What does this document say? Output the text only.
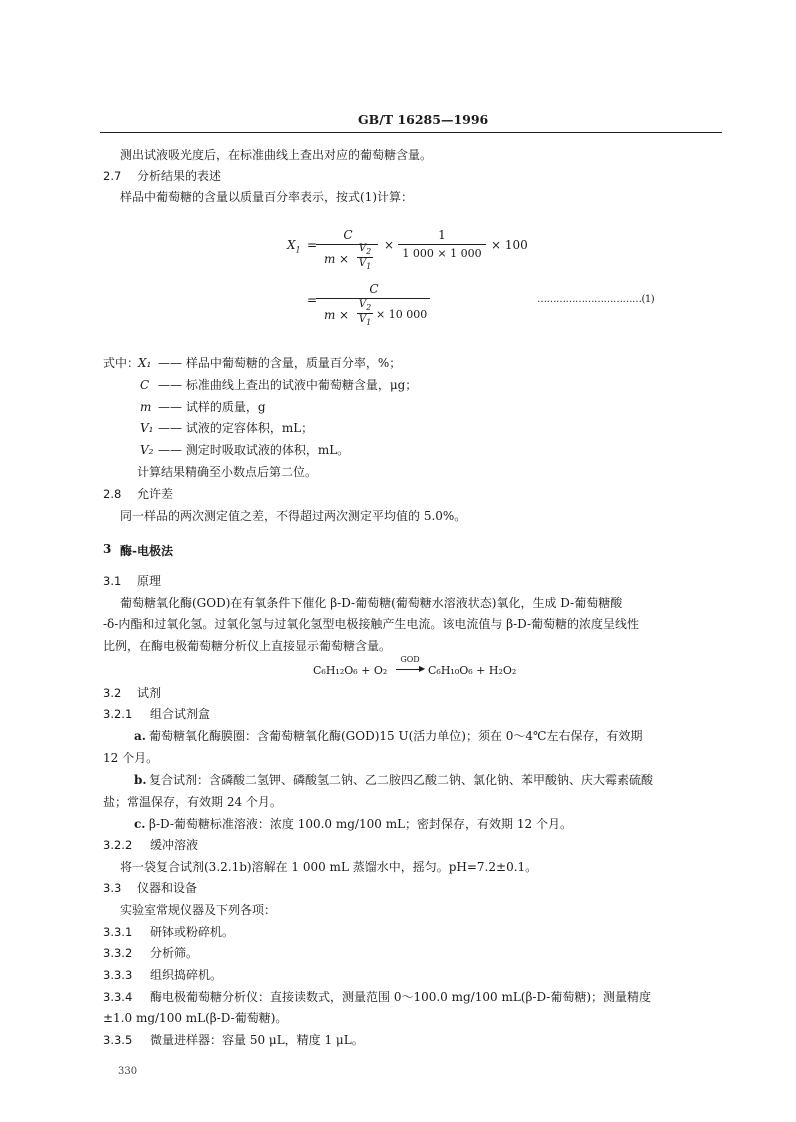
GB/T 16285—1996
测出试液吸光度后，在标准曲线上查出对应的葡萄糖含量。
2.7 分析结果的表述
样品中葡萄糖的含量以质量百分率表示，按式(1)计算：
$X_1$ =
C
m ×
$V_2$
$V_1$
×
1
1 000 × 1 000
× 100
=
C
m ×
$V_2$
$V_1$
× 10 000
……………………………(1)
式中：
X₁ —— 样品中葡萄糖的含量，质量百分率，%；
C —— 标准曲线上查出的试液中葡萄糖含量，μg；
m —— 试样的质量，g
V₁ —— 试液的定容体积，mL；
V₂ —— 测定时吸取试液的体积，mL。
计算结果精确至小数点后第二位。
2.8 允许差
同一样品的两次测定值之差，不得超过两次测定平均值的 5.0%。
3 酶-电极法
3.1 原理
葡萄糖氧化酶(GOD)在有氧条件下催化 β-D-葡萄糖(葡萄糖水溶液状态)氧化，生成 D-葡萄糖酸
-δ-内酯和过氧化氢。过氧化氢与过氧化氢型电极接触产生电流。该电流值与 β-D-葡萄糖的浓度呈线性
比例，在酶电极葡萄糖分析仪上直接显示葡萄糖含量。
C₆H₁₂O₆ + O₂
GOD
▶ C₆H₁₀O₆ + H₂O₂
3.2 试剂
3.2.1 组合试剂盒
a. 葡萄糖氧化酶膜圈：含葡萄糖氧化酶(GOD)15 U(活力单位)；须在 0～4℃左右保存，有效期
12 个月。
b. 复合试剂：含磷酸二氢钾、磷酸氢二钠、乙二胺四乙酸二钠、氯化钠、苯甲酸钠、庆大霉素硫酸
盐；常温保存，有效期 24 个月。
c. β-D-葡萄糖标准溶液：浓度 100.0 mg/100 mL；密封保存，有效期 12 个月。
3.2.2 缓冲溶液
将一袋复合试剂(3.2.1b)溶解在 1 000 mL 蒸馏水中，摇匀。pH=7.2±0.1。
3.3 仪器和设备
实验室常规仪器及下列各项：
3.3.1 研钵或粉碎机。
3.3.2 分析筛。
3.3.3 组织捣碎机。
3.3.4 酶电极葡萄糖分析仪：直接读数式，测量范围 0～100.0 mg/100 mL(β-D-葡萄糖)；测量精度
±1.0 mg/100 mL(β-D-葡萄糖)。
3.3.5 微量进样器：容量 50 μL，精度 1 μL。
330
